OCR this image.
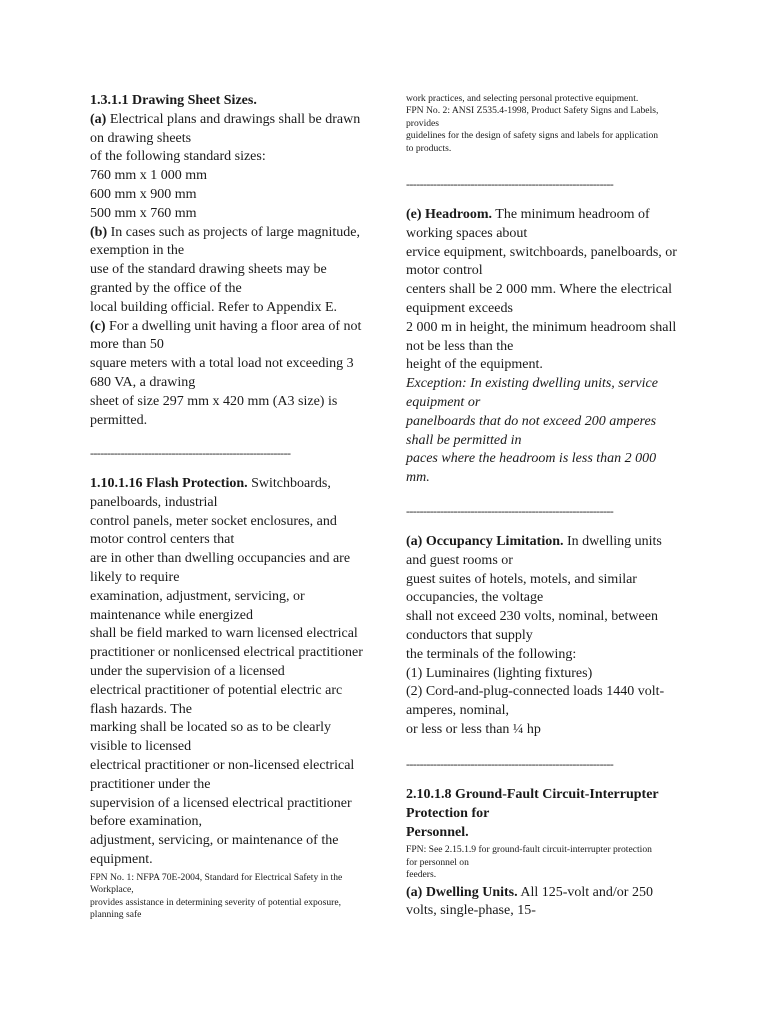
1.3.1.1 Drawing Sheet Sizes.

(a) Electrical plans and drawings shall be drawn
on drawing sheets
of the following standard sizes:
760 mm x 1 000 mm
600 mm x 900 mm
500 mm x 760 mm

(b) In cases such as projects of large magnitude,
exemption in the
use of the standard drawing sheets may be
granted by the office of the
local building official. Refer to Appendix E.

(c) For a dwelling unit having a floor area of not
more than 50
square meters with a total load not exceeding 3
680 VA, a drawing
sheet of size 297 mm x 420 mm (A3 size) is
permitted.

-----------------------------------------------------------

1.10.1.16 Flash Protection. Switchboards,
panelboards, industrial
control panels, meter socket enclosures, and
motor control centers that
are in other than dwelling occupancies and are
likely to require
examination, adjustment, servicing, or
maintenance while energized
shall be field marked to warn licensed electrical
practitioner or nonlicensed electrical practitioner
under the supervision of a licensed
electrical practitioner of potential electric arc
flash hazards. The
marking shall be located so as to be clearly
visible to licensed
electrical practitioner or non-licensed electrical
practitioner under the
supervision of a licensed electrical practitioner
before examination,
adjustment, servicing, or maintenance of the
equipment.

FPN No. 1: NFPA 70E-2004, Standard for Electrical Safety in the
Workplace,
provides assistance in determining severity of potential exposure,
planning safe

work practices, and selecting personal protective equipment.
FPN No. 2: ANSI Z535.4-1998, Product Safety Signs and Labels,
provides
guidelines for the design of safety signs and labels for application
to products.

-------------------------------------------------------------

(e) Headroom. The minimum headroom of
working spaces about
ervice equipment, switchboards, panelboards, or
motor control
centers shall be 2 000 mm. Where the electrical
equipment exceeds
2 000 m in height, the minimum headroom shall
not be less than the
height of the equipment.

Exception: In existing dwelling units, service
equipment or
panelboards that do not exceed 200 amperes
shall be permitted in
paces where the headroom is less than 2 000
mm.

-------------------------------------------------------------

(a) Occupancy Limitation. In dwelling units
and guest rooms or
guest suites of hotels, motels, and similar
occupancies, the voltage
shall not exceed 230 volts, nominal, between
conductors that supply
the terminals of the following:
(1) Luminaires (lighting fixtures)
(2) Cord-and-plug-connected loads 1440 volt-
amperes, nominal,
or less or less than ¼ hp

-------------------------------------------------------------

2.10.1.8 Ground-Fault Circuit-Interrupter
Protection for
Personnel.

FPN: See 2.15.1.9 for ground-fault circuit-interrupter protection
for personnel on
feeders.

(a) Dwelling Units. All 125-volt and/or 250
volts, single-phase, 15-
